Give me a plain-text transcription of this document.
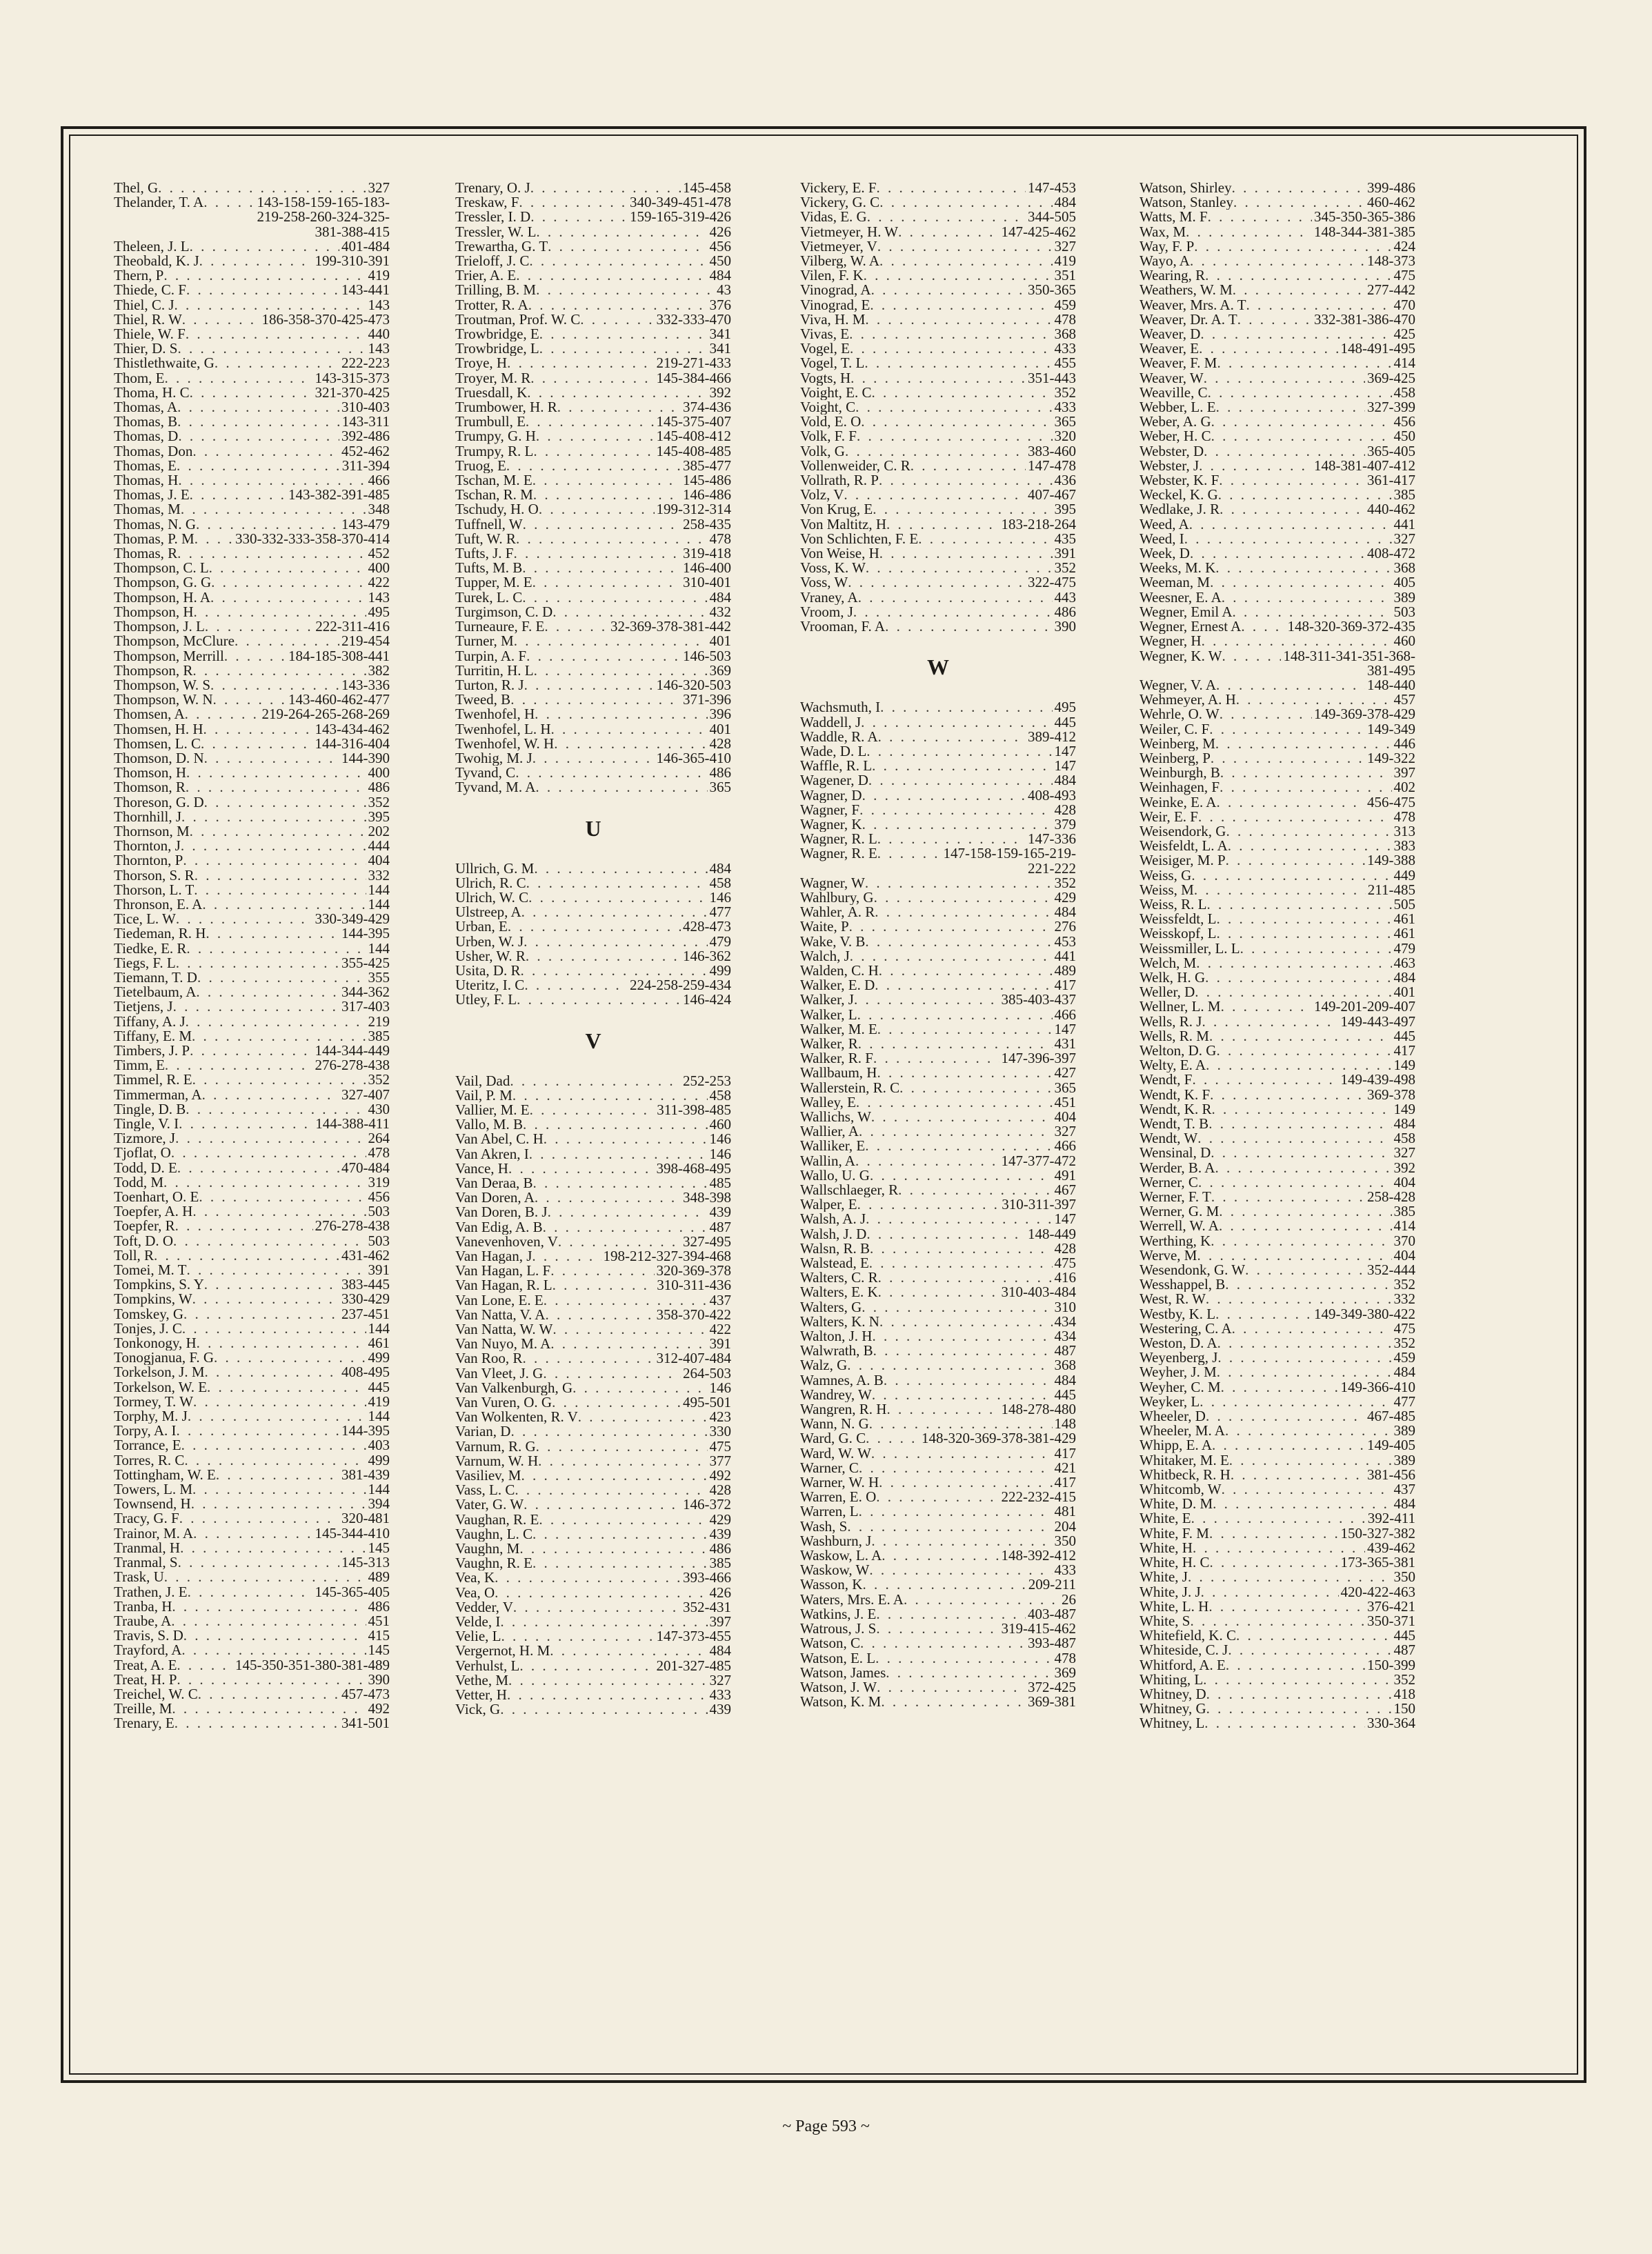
Thel, G . . .	327
Thelander, T. A . . .	143-158-159-165-183-
219-258-260-324-325-
381-388-415
Theleen, J. L . . .	401-484
Theobald, K. J . . .	199-310-391
Thern, P . . .	419
Thiede, C. F . . .	143-441
Thiel, C. J . . .	143
Thiel, R. W . . .	186-358-370-425-473
Thiele, W. F . . .	440
Thier, D. S . . .	143
Thistlethwaite, G . . .	222-223
Thom, E . . .	143-315-373
Thoma, H. C . . .	321-370-425
Thomas, A . . .	310-403
Thomas, B . . .	143-311
Thomas, D . . .	392-486
Thomas, Don . . .	452-462
Thomas, E . . .	311-394
Thomas, H . . .	466
Thomas, J. E . . .	143-382-391-485
Thomas, M . . .	348
Thomas, N. G . . .	143-479
Thomas, P. M . . .	330-332-333-358-370-414
Thomas, R . . .	452
Thompson, C. L . . .	400
Thompson, G. G . . .	422
Thompson, H. A . . .	143
Thompson, H . . .	495
Thompson, J. L . . .	222-311-416
Thompson, McClure . . .	219-454
Thompson, Merrill . . .	184-185-308-441
Thompson, R . . .	382
Thompson, W. S . . .	143-336
Thompson, W. N . . .	143-460-462-477
Thomsen, A . . .	219-264-265-268-269
Thomsen, H. H . . .	143-434-462
Thomsen, L. C . . .	144-316-404
Thomson, D. N . . .	144-390
Thomson, H . . .	400
Thomson, R . . .	486
Thoreson, G. D . . .	352
Thornhill, J . . .	395
Thornson, M . . .	202
Thornton, J . . .	444
Thornton, P . . .	404
Thorson, S. R . . .	332
Thorson, L. T . . .	144
Thronson, E. A . . .	144
Tice, L. W . . .	330-349-429
Tiedeman, R. H . . .	144-395
Tiedke, E. R . . .	144
Tiegs, F. L . . .	355-425
Tiemann, T. D . . .	355
Tietelbaum, A . . .	344-362
Tietjens, J . . .	317-403
Tiffany, A. J . . .	219
Tiffany, E. M . . .	385
Timbers, J. P . . .	144-344-449
Timm, E . . .	276-278-438
Timmel, R. E . . .	352
Timmerman, A . . .	327-407
Tingle, D. B . . .	430
Tingle, V. I . . .	144-388-411
Tizmore, J . . .	264
Tjoflat, O . . .	478
Todd, D. E . . .	470-484
Todd, M . . .	319
Toenhart, O. E . . .	456
Toepfer, A. H . . .	503
Toepfer, R . . .	276-278-438
Toft, D. O . . .	503
Toll, R . . .	431-462
Tomei, M. T . . .	391
Tompkins, S. Y . . .	383-445
Tompkins, W . . .	330-429
Tomskey, G . . .	237-451
Tonjes, J. C . . .	144
Tonkonogy, H . . .	461
Tonogjanua, F. G . . .	499
Torkelson, J. M . . .	408-495
Torkelson, W. E . . .	445
Tormey, T. W . . .	419
Torphy, M. J . . .	144
Torpy, A. I . . .	144-395
Torrance, E . . .	403
Torres, R. C . . .	499
Tottingham, W. E . . .	381-439
Towers, L. M . . .	144
Townsend, H . . .	394
Tracy, G. F . . .	320-481
Trainor, M. A . . .	145-344-410
Tranmal, H . . .	145
Tranmal, S . . .	145-313
Trask, U . . .	489
Trathen, J. E . . .	145-365-405
Tranba, H . . .	486
Traube, A . . .	451
Travis, S. D . . .	415
Trayford, A . . .	145
Treat, A. E . . .	145-350-351-380-381-489
Treat, H. P . . .	390
Treichel, W. C . . .	457-473
Treille, M . . .	492
Trenary, E . . .	341-501
Trenary, O. J . . .	145-458
Treskaw, F . . .	340-349-451-478
Tressler, I. D . . .	159-165-319-426
Tressler, W. L . . .	426
Trewartha, G. T . . .	456
Trieloff, J. C . . .	450
Trier, A. E . . .	484
Trilling, B. M . . .	43
Trotter, R. A . . .	376
Troutman, Prof. W. C . . .	332-333-470
Trowbridge, E . . .	341
Trowbridge, L . . .	341
Troye, H . . .	219-271-433
Troyer, M. R . . .	145-384-466
Truesdall, K . . .	392
Trumbower, H. R . . .	374-436
Trumbull, E . . .	145-375-407
Trumpy, G. H . . .	145-408-412
Trumpy, R. L . . .	145-408-485
Truog, E . . .	385-477
Tschan, M. E . . .	145-486
Tschan, R. M . . .	146-486
Tschudy, H. O . . .	199-312-314
Tuffnell, W . . .	258-435
Tuft, W. R . . .	478
Tufts, J. F . . .	319-418
Tufts, M. B . . .	146-400
Tupper, M. E . . .	310-401
Turek, L. C . . .	484
Turgimson, C. D . . .	432
Turneaure, F. E . . .	32-369-378-381-442
Turner, M . . .	401
Turpin, A. F . . .	146-503
Turritin, H. L . . .	369
Turton, R. J . . .	146-320-503
Tweed, B . . .	371-396
Twenhofel, H . . .	396
Twenhofel, L. H . . .	401
Twenhofel, W. H . . .	428
Twohig, M. J . . .	146-365-410
Tyvand, C . . .	486
Tyvand, M. A . . .	365
U
Ullrich, G. M . . .	484
Ulrich, R. C . . .	458
Ulrich, W. C . . .	146
Ulstreep, A . . .	477
Urban, E . . .	428-473
Urben, W. J . . .	479
Usher, W. R . . .	146-362
Usita, D. R . . .	499
Uteritz, I. C . . .	224-258-259-434
Utley, F. L . . .	146-424
V
Vail, Dad . . .	252-253
Vail, P. M . . .	458
Vallier, M. E . . .	311-398-485
Vallo, M. B . . .	460
Van Abel, C. H . . .	146
Van Akren, I . . .	146
Vance, H . . .	398-468-495
Van Deraa, B . . .	485
Van Doren, A . . .	348-398
Van Doren, B. J . . .	439
Van Edig, A. B . . .	487
Vanevenhoven, V . . .	327-495
Van Hagan, J . . .	198-212-327-394-468
Van Hagan, L. F . . .	320-369-378
Van Hagan, R. L . . .	310-311-436
Van Lone, E. E . . .	437
Van Natta, V. A . . .	358-370-422
Van Natta, W. W . . .	422
Van Nuyo, M. A . . .	391
Van Roo, R . . .	312-407-484
Van Vleet, J. G . . .	264-503
Van Valkenburgh, G . . .	146
Van Vuren, O. G . . .	495-501
Van Wolkenten, R. V . . .	423
Varian, D . . .	330
Varnum, R. G . . .	475
Varnum, W. H . . .	377
Vasiliev, M . . .	492
Vass, L. C . . .	428
Vater, G. W . . .	146-372
Vaughan, R. E . . .	429
Vaughn, L. C . . .	439
Vaughn, M . . .	486
Vaughn, R. E . . .	385
Vea, K . . .	393-466
Vea, O . . .	426
Vedder, V . . .	352-431
Velde, I . . .	397
Velie, L . . .	147-373-455
Vergernot, H. M . . .	484
Verhulst, L . . .	201-327-485
Vethe, M . . .	327
Vetter, H . . .	433
Vick, G . . .	439
Vickery, E. F . . .	147-453
Vickery, G. C . . .	484
Vidas, E. G . . .	344-505
Vietmeyer, H. W . . .	147-425-462
Vietmeyer, V . . .	327
Vilberg, W. A . . .	419
Vilen, F. K . . .	351
Vinograd, A . . .	350-365
Vinograd, E . . .	459
Viva, H. M . . .	478
Vivas, E . . .	368
Vogel, E . . .	433
Vogel, T. L . . .	455
Vogts, H . . .	351-443
Voight, E. C . . .	352
Voight, C . . .	433
Vold, E. O . . .	365
Volk, F. F . . .	320
Volk, G . . .	383-460
Vollenweider, C. R . . .	147-478
Vollrath, R. P . . .	436
Volz, V . . .	407-467
Von Krug, E . . .	395
Von Maltitz, H . . .	183-218-264
Von Schlichten, F. E . . .	435
Von Weise, H . . .	391
Voss, K. W . . .	352
Voss, W . . .	322-475
Vraney, A . . .	443
Vroom, J . . .	486
Vrooman, F. A . . .	390
W
Wachsmuth, I . . .	495
Waddell, J . . .	445
Waddle, R. A . . .	389-412
Wade, D. L . . .	147
Waffle, R. L . . .	147
Wagener, D . . .	484
Wagner, D . . .	408-493
Wagner, F . . .	428
Wagner, K . . .	379
Wagner, R. L . . .	147-336
Wagner, R. E . . .	147-158-159-165-219-
221-222
Wagner, W . . .	352
Wahlbury, G . . .	429
Wahler, A. R . . .	484
Waite, P . . .	276
Wake, V. B . . .	453
Walch, J . . .	441
Walden, C. H . . .	489
Walker, E. D . . .	417
Walker, J . . .	385-403-437
Walker, L . . .	466
Walker, M. E . . .	147
Walker, R . . .	431
Walker, R. F . . .	147-396-397
Wallbaum, H . . .	427
Wallerstein, R. C . . .	365
Walley, E . . .	451
Wallichs, W . . .	404
Wallier, A . . .	327
Walliker, E . . .	466
Wallin, A . . .	147-377-472
Wallo, U. G . . .	491
Wallschlaeger, R . . .	467
Walper, E . . .	310-311-397
Walsh, A. J . . .	147
Walsh, J. D . . .	148-449
Walsn, R. B . . .	428
Walstead, E . . .	475
Walters, C. R . . .	416
Walters, E. K . . .	310-403-484
Walters, G . . .	310
Walters, K. N . . .	434
Walton, J. H . . .	434
Walwrath, B . . .	487
Walz, G . . .	368
Wamnes, A. B . . .	484
Wandrey, W . . .	445
Wangren, R. H . . .	148-278-480
Wann, N. G . . .	148
Ward, G. C . . .	148-320-369-378-381-429
Ward, W. W . . .	417
Warner, C . . .	421
Warner, W. H . . .	417
Warren, E. O . . .	222-232-415
Warren, L . . .	481
Wash, S . . .	204
Washburn, J . . .	350
Waskow, L. A . . .	148-392-412
Waskow, W . . .	433
Wasson, K . . .	209-211
Waters, Mrs. E. A . . .	26
Watkins, J. E . . .	403-487
Watrous, J. S . . .	319-415-462
Watson, C . . .	393-487
Watson, E. L . . .	478
Watson, James . . .	369
Watson, J. W . . .	372-425
Watson, K. M . . .	369-381
Watson, Shirley . . .	399-486
Watson, Stanley . . .	460-462
Watts, M. F . . .	345-350-365-386
Wax, M . . .	148-344-381-385
Way, F. P . . .	424
Wayo, A . . .	148-373
Wearing, R . . .	475
Weathers, W. M . . .	277-442
Weaver, Mrs. A. T . . .	470
Weaver, Dr. A. T . . .	332-381-386-470
Weaver, D . . .	425
Weaver, E . . .	148-491-495
Weaver, F. M . . .	414
Weaver, W . . .	369-425
Weaville, C . . .	458
Webber, L. E . . .	327-399
Weber, A. G . . .	456
Weber, H. C . . .	450
Webster, D . . .	365-405
Webster, J . . .	148-381-407-412
Webster, K. F . . .	361-417
Weckel, K. G . . .	385
Wedlake, J. R . . .	440-462
Weed, A . . .	441
Weed, I . . .	327
Week, D . . .	408-472
Weeks, M. K . . .	368
Weeman, M . . .	405
Weesner, E. A . . .	389
Wegner, Emil A . . .	503
Wegner, Ernest A . . .	148-320-369-372-435
Wegner, H . . .	460
Wegner, K. W . . .	148-311-341-351-368-
381-495
Wegner, V. A . . .	148-440
Wehmeyer, A. H . . .	457
Wehrle, O. W . . .	149-369-378-429
Weiler, C. F . . .	149-349
Weinberg, M . . .	446
Weinberg, P . . .	149-322
Weinburgh, B . . .	397
Weinhagen, F . . .	402
Weinke, E. A . . .	456-475
Weir, E. F . . .	478
Weisendork, G . . .	313
Weisfeldt, L. A . . .	383
Weisiger, M. P . . .	149-388
Weiss, G . . .	449
Weiss, M . . .	211-485
Weiss, R. L . . .	505
Weissfeldt, L . . .	461
Weisskopf, L . . .	461
Weissmiller, L. L . . .	479
Welch, M . . .	463
Welk, H. G . . .	484
Weller, D . . .	401
Wellner, L. M . . .	149-201-209-407
Wells, R. J . . .	149-443-497
Wells, R. M . . .	445
Welton, D. G . . .	417
Welty, E. A . . .	149
Wendt, F . . .	149-439-498
Wendt, K. F . . .	369-378
Wendt, K. R . . .	149
Wendt, T. B . . .	484
Wendt, W . . .	458
Wensinal, D . . .	327
Werder, B. A . . .	392
Werner, C . . .	404
Werner, F. T . . .	258-428
Werner, G. M . . .	385
Werrell, W. A . . .	414
Werthing, K . . .	370
Werve, M . . .	404
Wesendonk, G. W . . .	352-444
Wesshappel, B . . .	352
West, R. W . . .	332
Westby, K. L . . .	149-349-380-422
Westering, C. A . . .	475
Weston, D. A . . .	352
Weyenberg, J . . .	459
Weyher, J. M . . .	484
Weyher, C. M . . .	149-366-410
Weyker, L . . .	477
Wheeler, D . . .	467-485
Wheeler, M. A . . .	389
Whipp, E. A . . .	149-405
Whitaker, M. E . . .	389
Whitbeck, R. H . . .	381-456
Whitcomb, W . . .	437
White, D. M . . .	484
White, E . . .	392-411
White, F. M . . .	150-327-382
White, H . . .	439-462
White, H. C . . .	173-365-381
White, J . . .	350
White, J. J . . .	420-422-463
White, L. H . . .	376-421
White, S . . .	350-371
Whitefield, K. C . . .	445
Whiteside, C. J . . .	487
Whitford, A. E . . .	150-399
Whiting, L . . .	352
Whitney, D . . .	418
Whitney, G . . .	150
Whitney, L . . .	330-364
~ Page 593 ~
